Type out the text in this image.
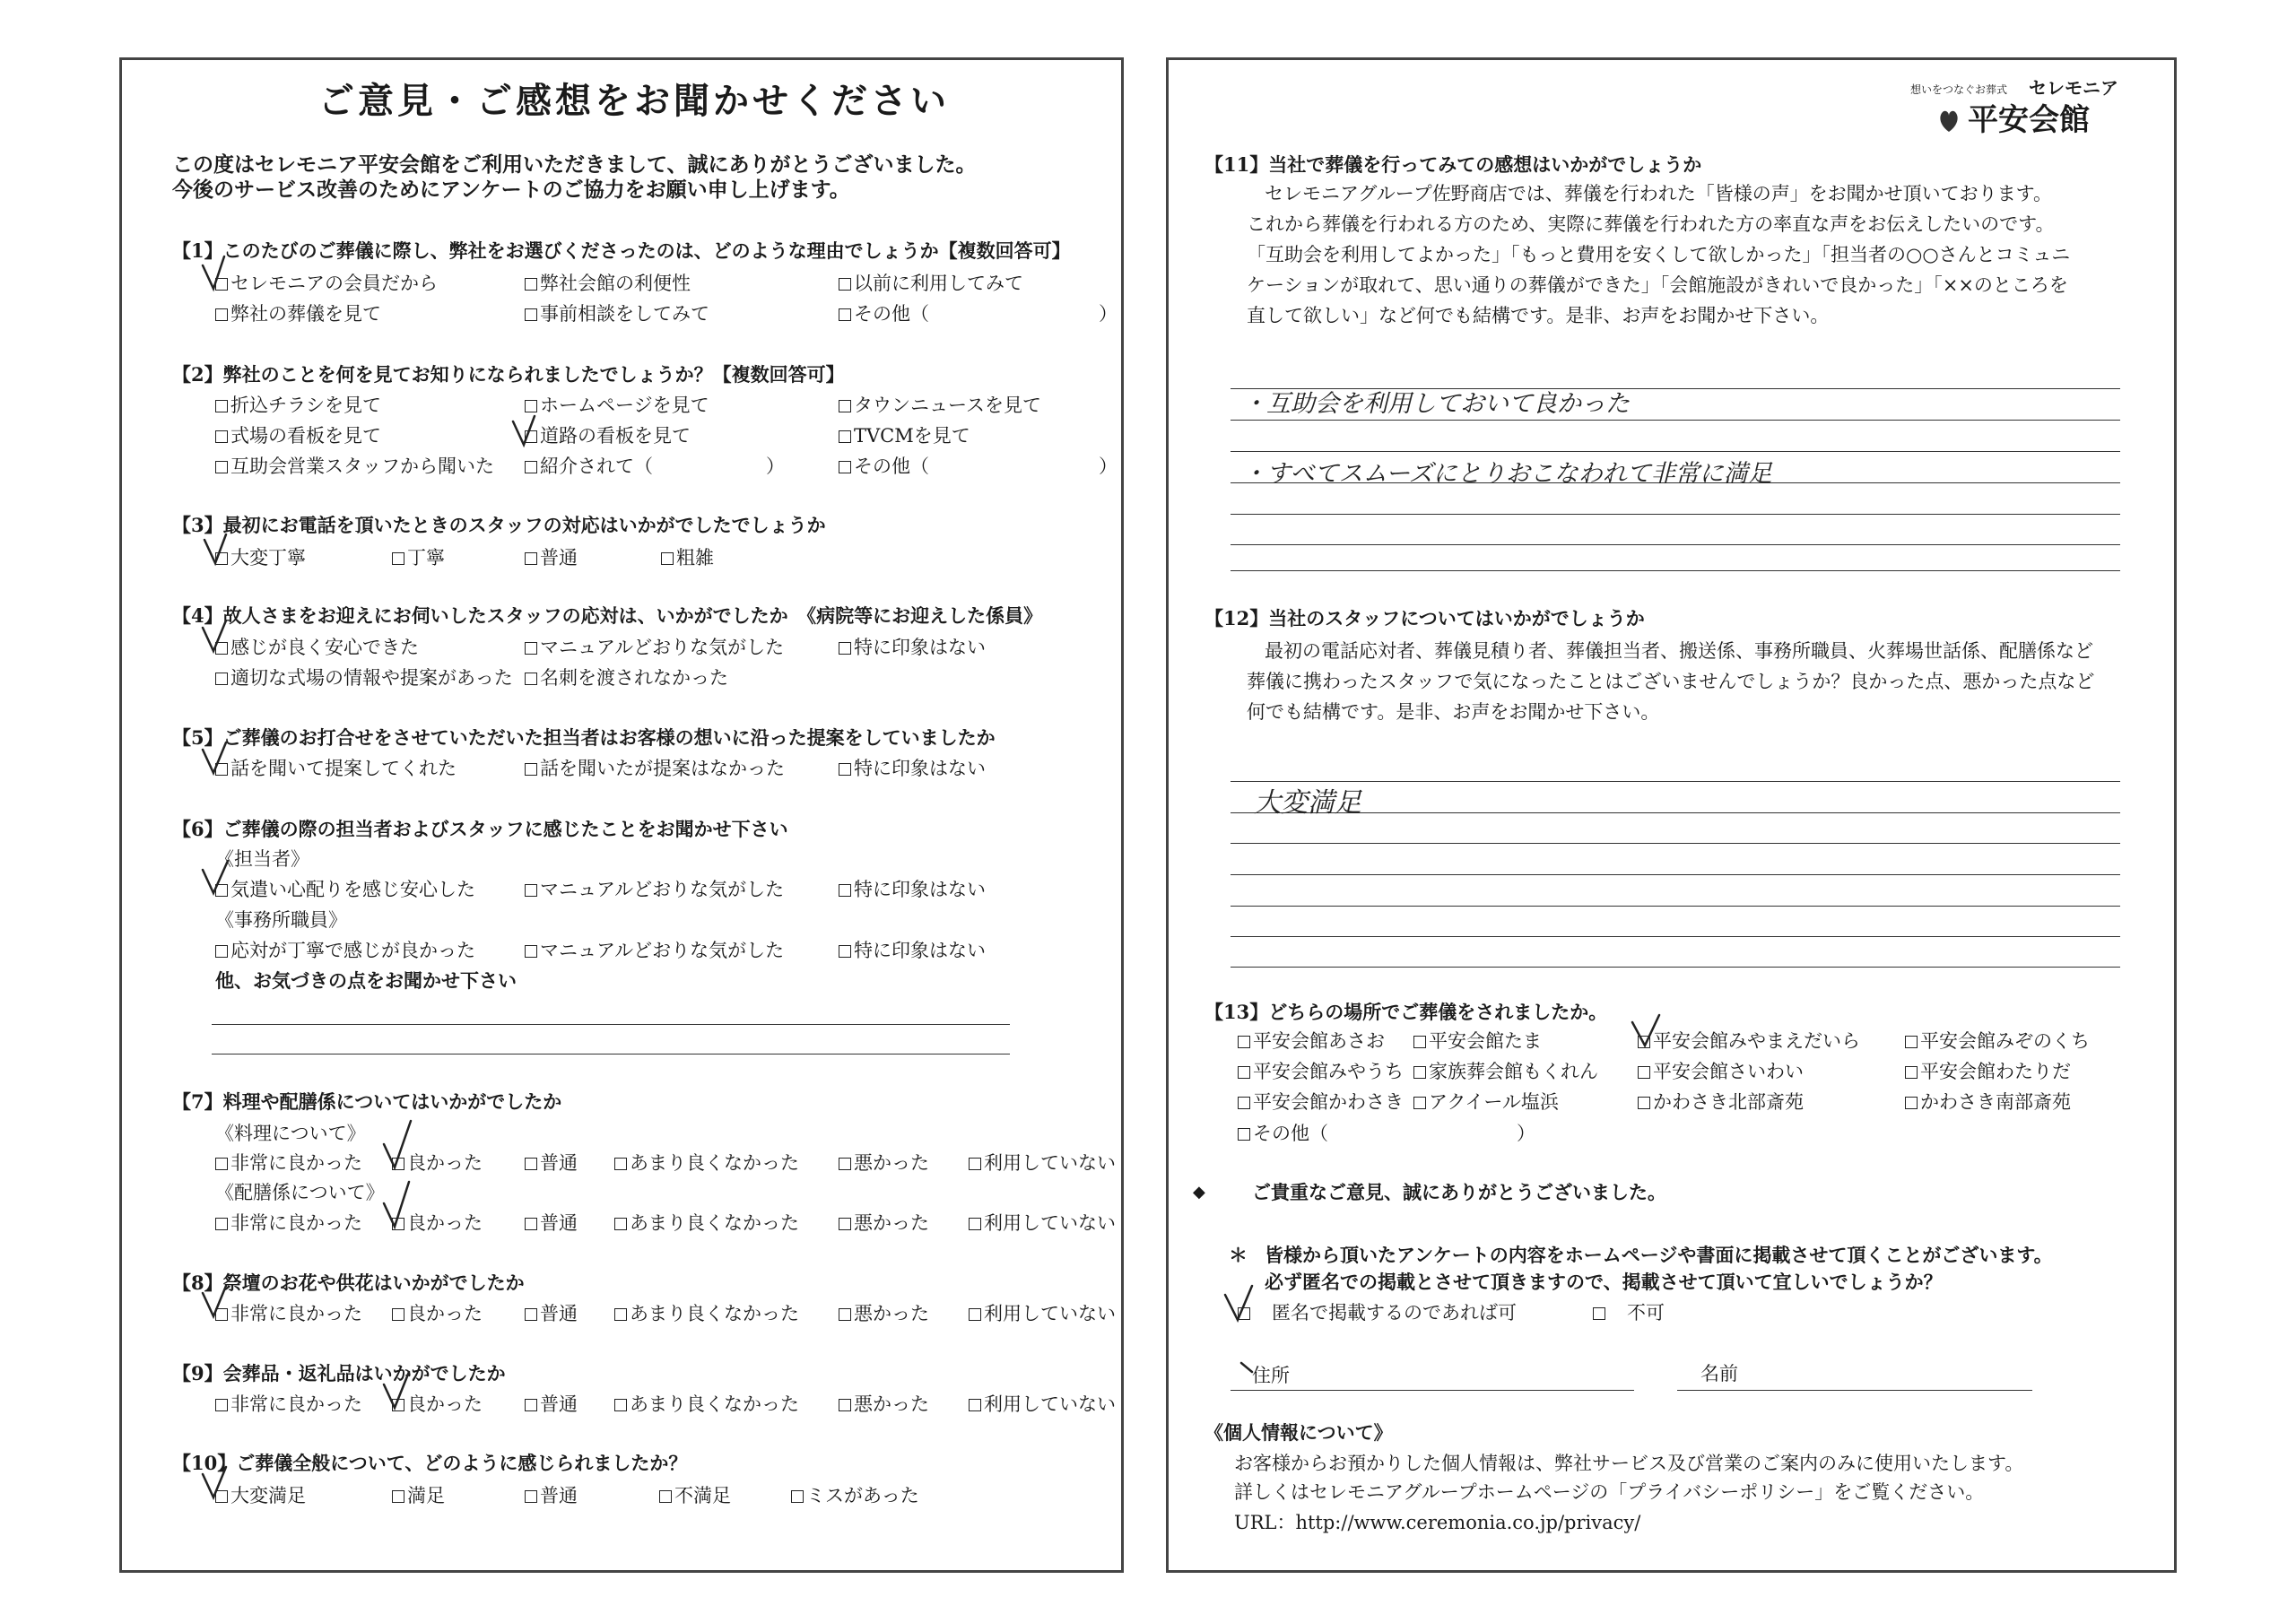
ご意見・ご感想をお聞かせください
この度はセレモニア平安会館をご利用いただきまして、誠にありがとうございました。
今後のサービス改善のためにアンケートのご協力をお願い申し上げます。
【1】このたびのご葬儀に際し、弊社をお選びくださったのは、どのような理由でしょうか【複数回答可】
セレモニアの会員だから	弊社会館の利便性	以前に利用してみて
弊社の葬儀を見て	事前相談をしてみて	その他（　　　　　　　　　）
【2】弊社のことを何を見てお知りになられましたでしょうか？【複数回答可】
折込チラシを見て	ホームページを見て	タウンニュースを見て
式場の看板を見て	道路の看板を見て	TVCMを見て
互助会営業スタッフから聞いた	紹介されて（　　　　　　）	その他（　　　　　　　　　）
【3】最初にお電話を頂いたときのスタッフの対応はいかがでしたでしょうか
大変丁寧	丁寧	普通	粗雑
【4】故人さまをお迎えにお伺いしたスタッフの応対は、いかがでしたか　《病院等にお迎えした係員》
感じが良く安心できた	マニュアルどおりな気がした	特に印象はない
適切な式場の情報や提案があった	名刺を渡されなかった
【5】ご葬儀のお打合せをさせていただいた担当者はお客様の想いに沿った提案をしていましたか
話を聞いて提案してくれた	話を聞いたが提案はなかった	特に印象はない
【6】ご葬儀の際の担当者およびスタッフに感じたことをお聞かせ下さい
《担当者》
気遣い心配りを感じ安心した	マニュアルどおりな気がした	特に印象はない
《事務所職員》
応対が丁寧で感じが良かった	マニュアルどおりな気がした	特に印象はない
他、お気づきの点をお聞かせ下さい
【7】料理や配膳係についてはいかがでしたか
《料理について》
非常に良かった	良かった	普通	あまり良くなかった	悪かった	利用していない
《配膳係について》
非常に良かった	良かった	普通	あまり良くなかった	悪かった	利用していない
【8】祭壇のお花や供花はいかがでしたか
非常に良かった	良かった	普通	あまり良くなかった	悪かった	利用していない
【9】会葬品・返礼品はいかがでしたか
非常に良かった	良かった	普通	あまり良くなかった	悪かった	利用していない
【10】ご葬儀全般について、どのように感じられましたか？
大変満足	満足	普通	不満足	ミスがあった
想いをつなぐお葬式 セレモニア
平安会館
【11】当社で葬儀を行ってみての感想はいかがでしょうか
セレモニアグループ佐野商店では、葬儀を行われた「皆様の声」をお聞かせ頂いております。
これから葬儀を行われる方のため、実際に葬儀を行われた方の率直な声をお伝えしたいのです。
「互助会を利用してよかった」「もっと費用を安くして欲しかった」「担当者の○○さんとコミュニ
ケーションが取れて、思い通りの葬儀ができた」「会館施設がきれいで良かった」「××のところを
直して欲しい」など何でも結構です。是非、お声をお聞かせ下さい。
・互助会を利用しておいて良かった
・すべてスムーズにとりおこなわれて非常に満足
【12】当社のスタッフについてはいかがでしょうか
最初の電話応対者、葬儀見積り者、葬儀担当者、搬送係、事務所職員、火葬場世話係、配膳係など
葬儀に携わったスタッフで気になったことはございませんでしょうか？良かった点、悪かった点など
何でも結構です。是非、お声をお聞かせ下さい。
大変満足
【13】どちらの場所でご葬儀をされましたか。
平安会館あさお	平安会館たま	平安会館みやまえだいら	平安会館みぞのくち
平安会館みやうち	家族葬会館もくれん	平安会館さいわい	平安会館わたりだ
平安会館かわさき	アクイール塩浜	かわさき北部斎苑	かわさき南部斎苑
その他（　　　　　　　　　　）
◆ ご貴重なご意見、誠にありがとうございました。
＊ 皆様から頂いたアンケートの内容をホームページや書面に掲載させて頂くことがございます。
必ず匿名での掲載とさせて頂きますので、掲載させて頂いて宜しいでしょうか？
　匿名で掲載するのであれば可
　	不可
住所	名前
《個人情報について》
お客様からお預かりした個人情報は、弊社サービス及び営業のご案内のみに使用いたします。
詳しくはセレモニアグループホームページの「プライバシーポリシー」をご覧ください。
URL：http://www.ceremonia.co.jp/privacy/
